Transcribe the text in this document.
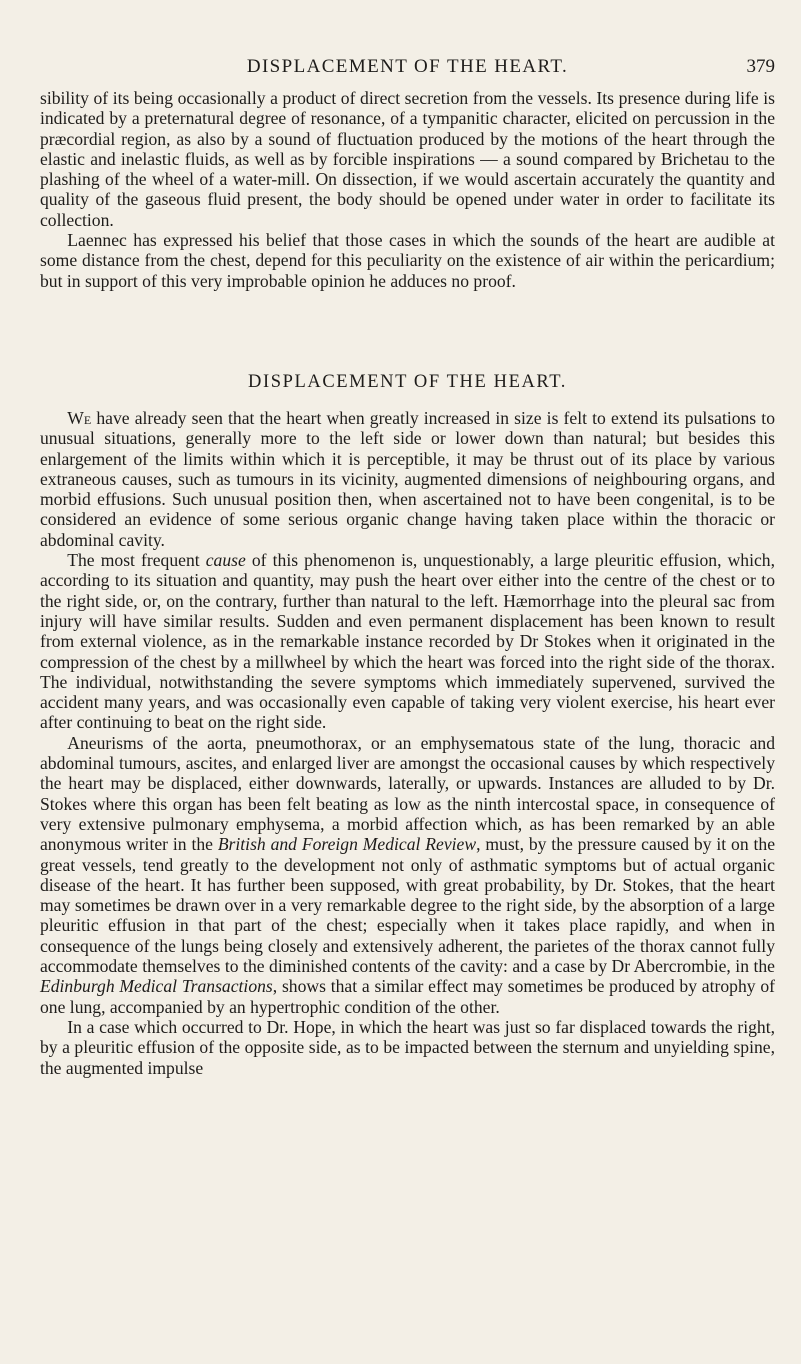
DISPLACEMENT OF THE HEART.	379

sibility of its being occasionally a product of direct secretion from the vessels. Its presence during life is indicated by a preternatural degree of resonance, of a tympanitic character, elicited on percussion in the præcordial region, as also by a sound of fluctuation produced by the motions of the heart through the elastic and inelastic fluids, as well as by forcible inspirations — a sound compared by Brichetau to the plashing of the wheel of a water-mill. On dissection, if we would ascertain accurately the quantity and quality of the gaseous fluid present, the body should be opened under water in order to facilitate its collection.

Laennec has expressed his belief that those cases in which the sounds of the heart are audible at some distance from the chest, depend for this peculiarity on the existence of air within the pericardium; but in support of this very improbable opinion he adduces no proof.

DISPLACEMENT OF THE HEART.

We have already seen that the heart when greatly increased in size is felt to extend its pulsations to unusual situations, generally more to the left side or lower down than natural; but besides this enlargement of the limits within which it is perceptible, it may be thrust out of its place by various extraneous causes, such as tumours in its vicinity, augmented dimensions of neighbouring organs, and morbid effusions. Such unusual position then, when ascertained not to have been congenital, is to be considered an evidence of some serious organic change having taken place within the thoracic or abdominal cavity.

The most frequent cause of this phenomenon is, unquestionably, a large pleuritic effusion, which, according to its situation and quantity, may push the heart over either into the centre of the chest or to the right side, or, on the contrary, further than natural to the left. Hæmorrhage into the pleural sac from injury will have similar results. Sudden and even permanent displacement has been known to result from external violence, as in the remarkable instance recorded by Dr Stokes when it originated in the compression of the chest by a millwheel by which the heart was forced into the right side of the thorax. The individual, notwithstanding the severe symptoms which immediately supervened, survived the accident many years, and was occasionally even capable of taking very violent exercise, his heart ever after continuing to beat on the right side.

Aneurisms of the aorta, pneumothorax, or an emphysematous state of the lung, thoracic and abdominal tumours, ascites, and enlarged liver are amongst the occasional causes by which respectively the heart may be displaced, either downwards, laterally, or upwards. Instances are alluded to by Dr. Stokes where this organ has been felt beating as low as the ninth intercostal space, in consequence of very extensive pulmonary emphysema, a morbid affection which, as has been remarked by an able anonymous writer in the British and Foreign Medical Review, must, by the pressure caused by it on the great vessels, tend greatly to the development not only of asthmatic symptoms but of actual organic disease of the heart. It has further been supposed, with great probability, by Dr. Stokes, that the heart may sometimes be drawn over in a very remarkable degree to the right side, by the absorption of a large pleuritic effusion in that part of the chest; especially when it takes place rapidly, and when in consequence of the lungs being closely and extensively adherent, the parietes of the thorax cannot fully accommodate themselves to the diminished contents of the cavity: and a case by Dr Abercrombie, in the Edinburgh Medical Transactions, shows that a similar effect may sometimes be produced by atrophy of one lung, accompanied by an hypertrophic condition of the other.

In a case which occurred to Dr. Hope, in which the heart was just so far displaced towards the right, by a pleuritic effusion of the opposite side, as to be impacted between the sternum and unyielding spine, the augmented impulse
